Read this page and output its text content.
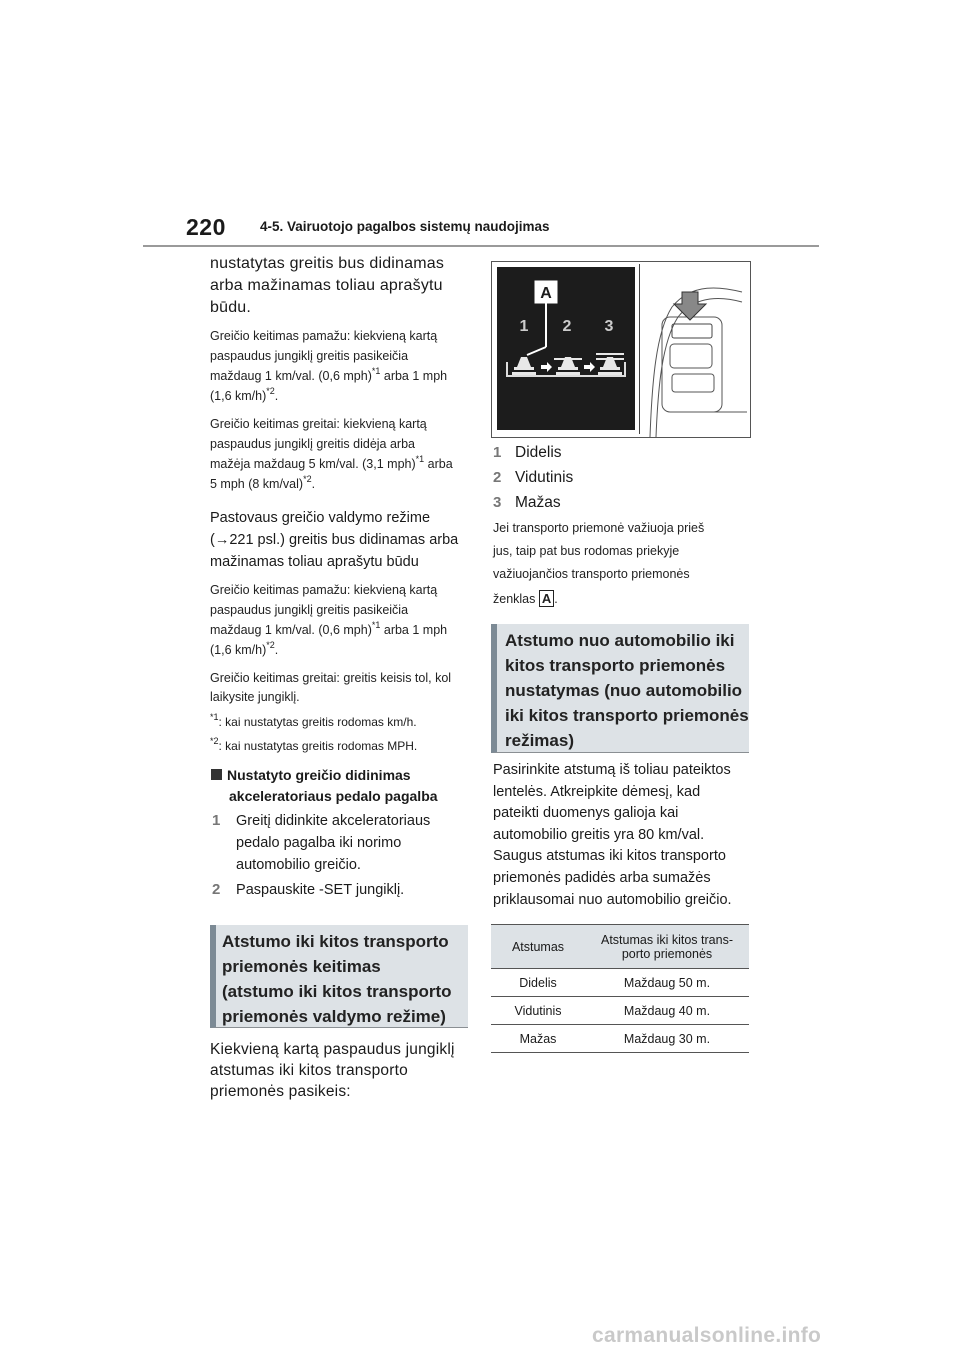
220	4-5. Vairuotojo pagalbos sistemų naudojimas
nustatytas greitis bus didinamas
arba mažinamas toliau aprašytu
būdu.
Greičio keitimas pamažu: kiekvieną kartą
paspaudus jungiklį greitis pasikeičia
maždaug 1 km/val. (0,6 mph)$^{*1}$ arba 1 mph
(1,6 km/h)$^{*2}$.
Greičio keitimas greitai: kiekvieną kartą
paspaudus jungiklį greitis didėja arba
mažėja maždaug 5 km/val. (3,1 mph)$^{*1}$ arba
5 mph (8 km/val)$^{*2}$.
Pastovaus greičio valdymo režime
(→221 psl.) greitis bus didinamas arba
mažinamas toliau aprašytu būdu
Greičio keitimas pamažu: kiekvieną kartą
paspaudus jungiklį greitis pasikeičia
maždaug 1 km/val. (0,6 mph)$^{*1}$ arba 1 mph
(1,6 km/h)$^{*2}$.
Greičio keitimas greitai: greitis keisis tol, kol
laikysite jungiklį.
$^{*1}$: kai nustatytas greitis rodomas km/h.
$^{*2}$: kai nustatytas greitis rodomas MPH.
Nustatyto greičio didinimas
akceleratoriaus pedalo pagalba
1 Greitį didinkite akceleratoriaus
pedalo pagalba iki norimo
automobilio greičio.
2 Paspauskite -SET jungiklį.
Atstumo iki kitos transporto
priemonės keitimas
(atstumo iki kitos transporto
priemonės valdymo režime)
Kiekvieną kartą paspaudus jungiklį
atstumas iki kitos transporto
priemonės pasikeis:
A
1 2 3
1 Didelis
2 Vidutinis
3 Mažas
Jei transporto priemonė važiuoja prieš
jus, taip pat bus rodomas priekyje
važiuojančios transporto priemonės
ženklas A .
Atstumo nuo automobilio iki
kitos transporto priemonės
nustatymas (nuo automobilio
iki kitos transporto priemonės
režimas)
Pasirinkite atstumą iš toliau pateiktos
lentelės. Atkreipkite dėmesį, kad
pateikti duomenys galioja kai
automobilio greitis yra 80 km/val.
Saugus atstumas iki kitos transporto
priemonės padidės arba sumažės
priklausomai nuo automobilio greičio.
Atstumas	Atstumas iki kitos trans-
porto priemonės

Didelis	Maždaug 50 m.
Vidutinis	Maždaug 40 m.
Mažas	Maždaug 30 m.
carmanualsonline.info
